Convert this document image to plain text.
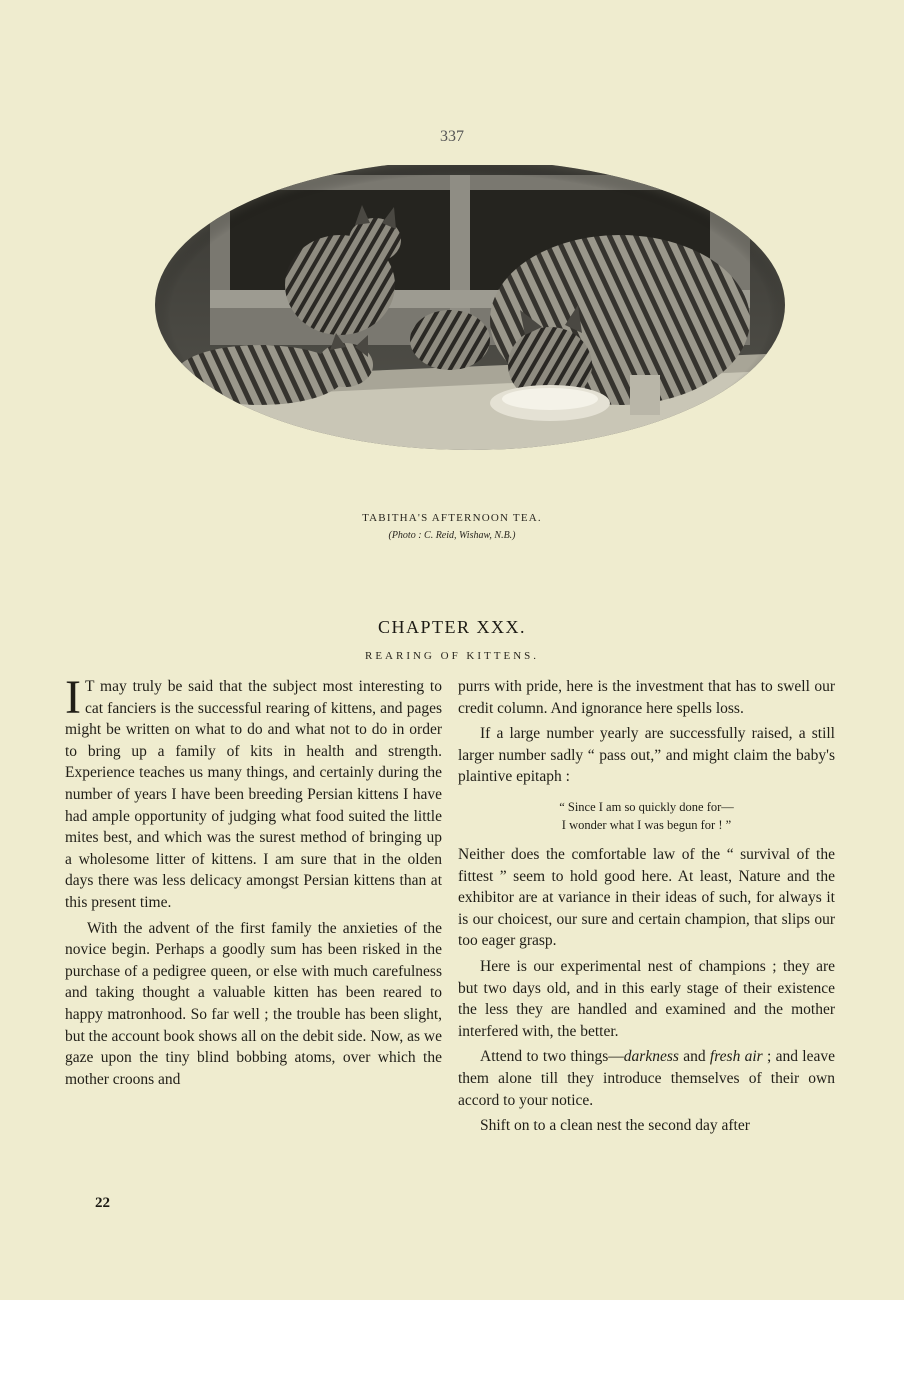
337
TABITHA'S AFTERNOON TEA.
(Photo : C. Reid, Wishaw, N.B.)
CHAPTER XXX.
REARING OF KITTENS.

I T may truly be said that the subject most interesting to cat fanciers is the successful rearing of kittens, and pages might be written on what to do and what not to do in order to bring up a family of kits in health and strength. Experience teaches us many things, and certainly during the number of years I have been breeding Persian kittens I have had ample opportunity of judging what food suited the little mites best, and which was the surest method of bringing up a wholesome litter of kittens. I am sure that in the olden days there was less delicacy amongst Persian kittens than at this present time.

With the advent of the first family the anxieties of the novice begin. Perhaps a goodly sum has been risked in the purchase of a pedigree queen, or else with much carefulness and taking thought a valuable kitten has been reared to happy matronhood. So far well ; the trouble has been slight, but the account book shows all on the debit side. Now, as we gaze upon the tiny blind bobbing atoms, over which the mother croons and

purrs with pride, here is the investment that has to swell our credit column. And ignorance here spells loss.

If a large number yearly are successfully raised, a still larger number sadly “ pass out,” and might claim the baby's plaintive epitaph :

“ Since I am so quickly done for—
I wonder what I was begun for ! ”

Neither does the comfortable law of the “ survival of the fittest ” seem to hold good here. At least, Nature and the exhibitor are at variance in their ideas of such, for always it is our choicest, our sure and certain champion, that slips our too eager grasp.

Here is our experimental nest of champions ; they are but two days old, and in this early stage of their existence the less they are handled and examined and the mother interfered with, the better.

Attend to two things—darkness and fresh air ; and leave them alone till they introduce themselves of their own accord to your notice.

Shift on to a clean nest the second day after

22
